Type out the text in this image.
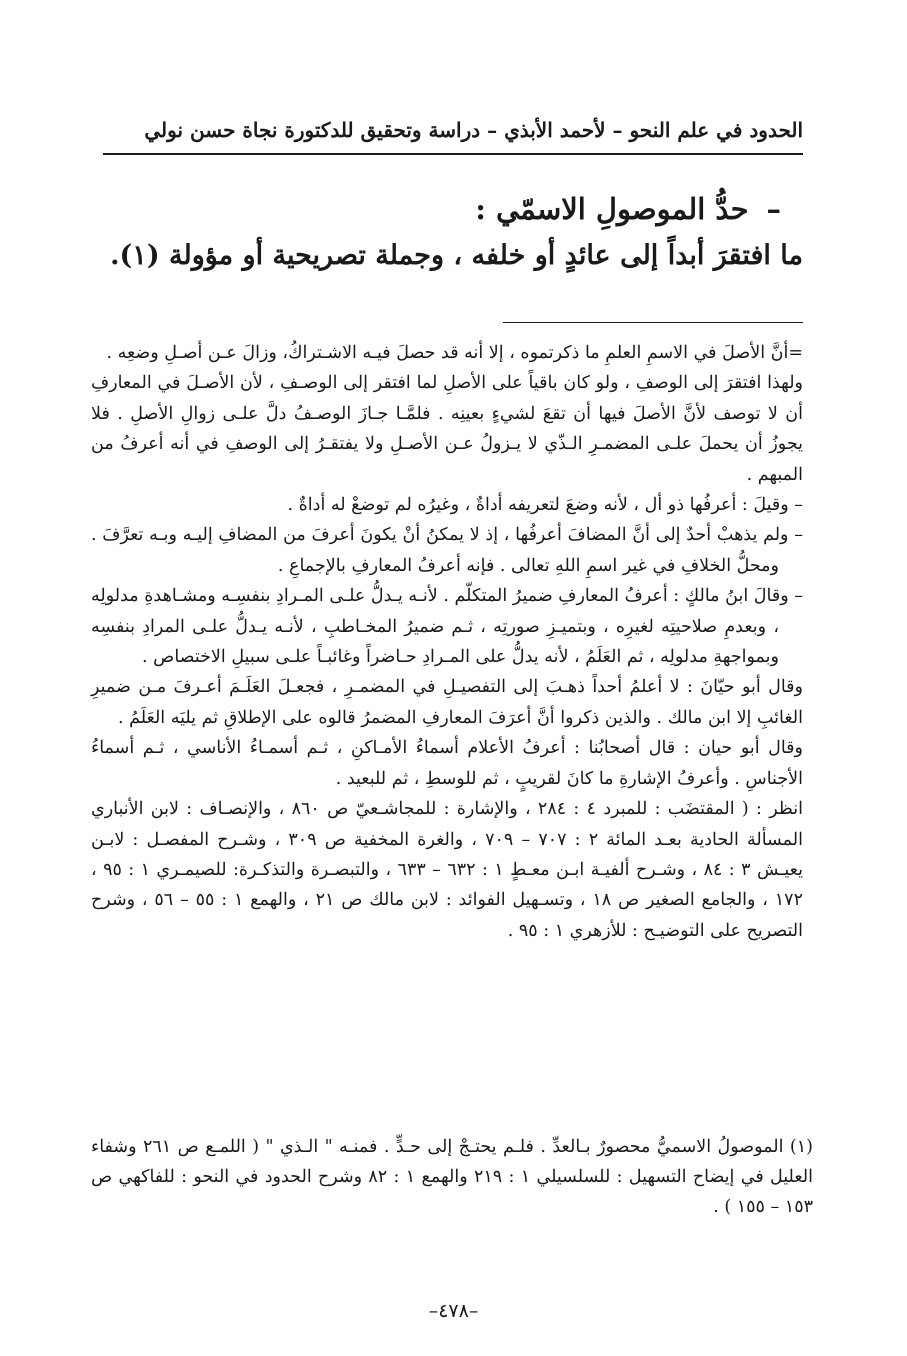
الحدود في علم النحو – لأحمد الأبذي – دراسة وتحقيق للدكتورة نجاة حسن نولي
–حدُّ الموصولِ الاسمّي :
ما افتقرَ أبداً إلى عائدٍ أو خلفه ، وجملة تصريحية أو مؤولة (١).

=أنَّ الأصلَ في الاسمِ العلمِ ما ذكرتموه ، إلا أنه قد حصلَ فيـه الاشـتراكُ، وزالَ عـن أصـلِ وضعِه .

ولهذا افتقرَ إلى الوصفِ ، ولو كان باقياً على الأصلِ لما افتقر إلى الوصـفِ ، لأن الأصـلَ في المعارفِ أن لا توصف لأنَّ الأصلَ فيها أن تقعَ لشيءٍ بعينِه . فلمَّـا جـازَ الوصـفُ دلَّ علـى زوالِ الأصلِ . فلا يجوزُ أن يحملَ علـى المضمـرِ الـذّي لا يـزولُ عـن الأصـلِ ولا يفتقـرُ إلى الوصفِ في أنه أعرفُ من المبهم .

– وقيلَ : أعرفُها ذو أل ، لأنه وضعَ لتعريفه أداةٌ ، وغيرُه لم توضعْ له أداةٌ .

– ولم يذهبْ أحدٌ إلى أنَّ المضافَ أعرفُها ، إذ لا يمكنُ أنْ يكونَ أعرفَ من المضافِ إليـه وبـه تعرَّفَ . ومحلُّ الخلافِ في غير اسمِ اللهِ تعالى . فإنه أعرفُ المعارفِ بالإجماعِ .

– وقالَ ابنُ مالكٍ : أعرفُ المعارفِ ضميرُ المتكلّم . لأنـه يـدلُّ علـى المـرادِ بنفسِـه ومشـاهدةِ مدلولِه ، وبعدمِ صلاحيتِه لغيرِه ، وبتميـزِ صورتِه ، ثـم ضميرُ المخـاطبِ ، لأنـه يـدلُّ علـى المرادِ بنفسِه وبمواجهةِ مدلولِه ، ثم العَلَمُ ، لأنه يدلُّ على المـرادِ حـاضراً وغائبـاً علـى سبيلِ الاختصاص .

وقال أبو حيّانَ : لا أعلمُ أحداً ذهـبَ إلى التفصيـلِ في المضمـرِ ، فجعـلَ العَلَـمَ أعـرفَ مـن ضميرِ الغائبِ إلا ابن مالك . والذين ذكروا أنَّ أعرَفَ المعارفِ المضمرُ قالوه على الإطلاقِ ثم يليَه العَلَمُ .

وقال أبو حيان : قال أصحابُنا : أعرفُ الأعلام أسماءُ الأمـاكنِ ، ثـم أسمـاءُ الأناسي ، ثـم أسماءُ الأجناسِ . وأعرفُ الإشارةِ ما كانَ لقريبٍ ، ثم للوسطِ ، ثم للبعيد .

انظر : ( المقتضَب : للمبرد ٤ : ٢٨٤ ، والإشارة : للمجاشـعيّ ص ٨٦٠ ، والإنصـاف : لابن الأنباري المسألة الحادية بعـد المائة ٢ : ٧٠٧ – ٧٠٩ ، والغرة المخفية ص ٣٠٩ ، وشـرح المفصـل : لابـن يعيـش ٣ : ٨٤ ، وشـرح ألفيـة ابـن معـطٍ ١ : ٦٣٢ – ٦٣٣ ، والتبصـرة والتذكـرة: للصيمـري ١ : ٩٥ ، ١٧٢ ، والجامع الصغير ص ١٨ ، وتسـهيل الفوائد : لابن مالك ص ٢١ ، والهمع ١ : ٥٥ – ٥٦ ، وشرح التصريح على التوضيـح : للأزهري ١ : ٩٥ .

(١) الموصولُ الاسميُّ محصورٌ بـالعدِّ . فلـم يحتـجْ إلى حـدٍّ . فمنـه " الـذي " ( اللمـع ص ٢٦١ وشفاء العليل في إيضاح التسهيل : للسلسيلي ١ : ٢١٩ والهمع ١ : ٨٢ وشرح الحدود في النحو : للفاكهي ص ١٥٣ – ١٥٥ ) .

–٤٧٨–
